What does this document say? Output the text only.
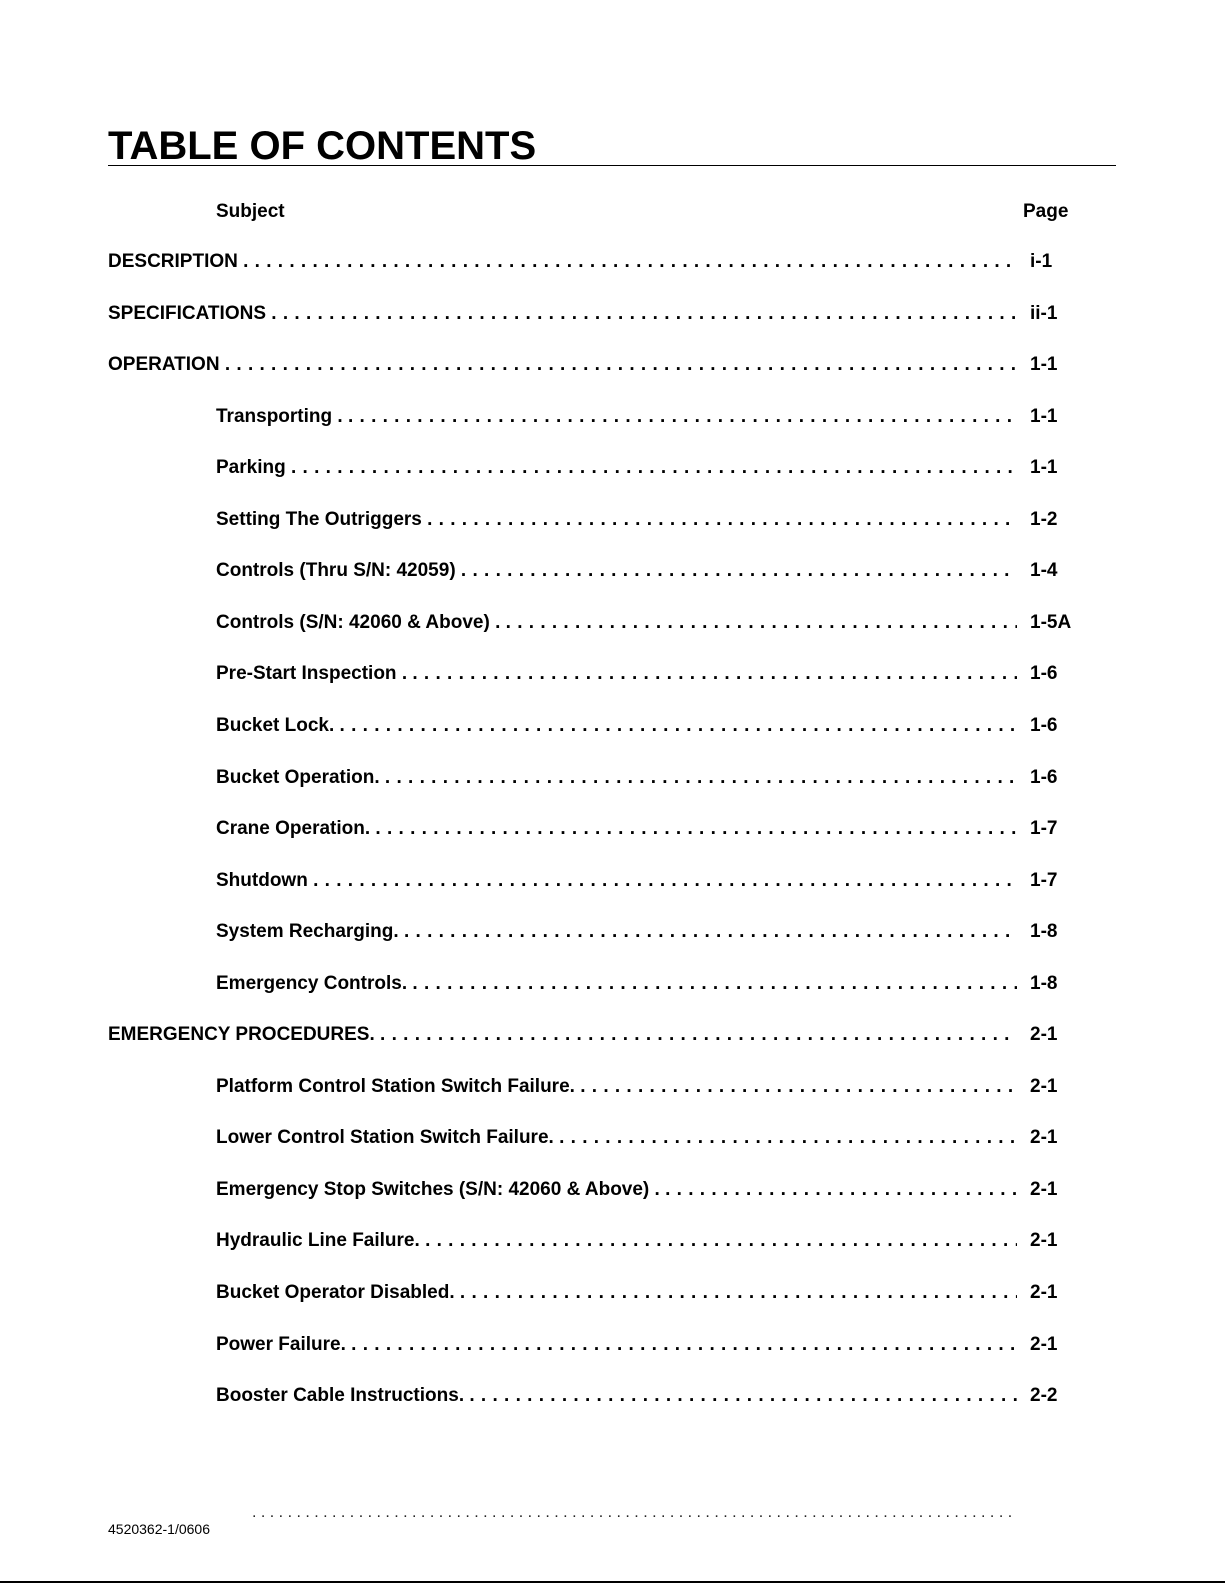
TABLE OF CONTENTS
Subject	Page
DESCRIPTION . . .	i-1
SPECIFICATIONS . . .	ii-1
OPERATION . . .	1-1
Transporting . . . .	1-1
Parking . . .	1-1
Setting The Outriggers . . .	1-2
Controls (Thru S/N: 42059) . . .	1-4
Controls (S/N: 42060 & Above) . . . .	1-5A
Pre-Start Inspection . . . .	1-6
Bucket Lock. . . .	1-6
Bucket Operation. . . .	1-6
Crane Operation. . . .	1-7
Shutdown . . .	1-7
System Recharging. . . .	1-8
Emergency Controls. . . .	1-8
EMERGENCY PROCEDURES. . . .	2-1
Platform Control Station Switch Failure. . . .	2-1
Lower Control Station Switch Failure. . . .	2-1
Emergency Stop Switches (S/N: 42060 & Above) . . . .	2-1
Hydraulic Line Failure. . . .	2-1
Bucket Operator Disabled. . . .	2-1
Power Failure. . . .	2-1
Booster Cable Instructions. . . .	2-2
. . .
4520362-1/0606
